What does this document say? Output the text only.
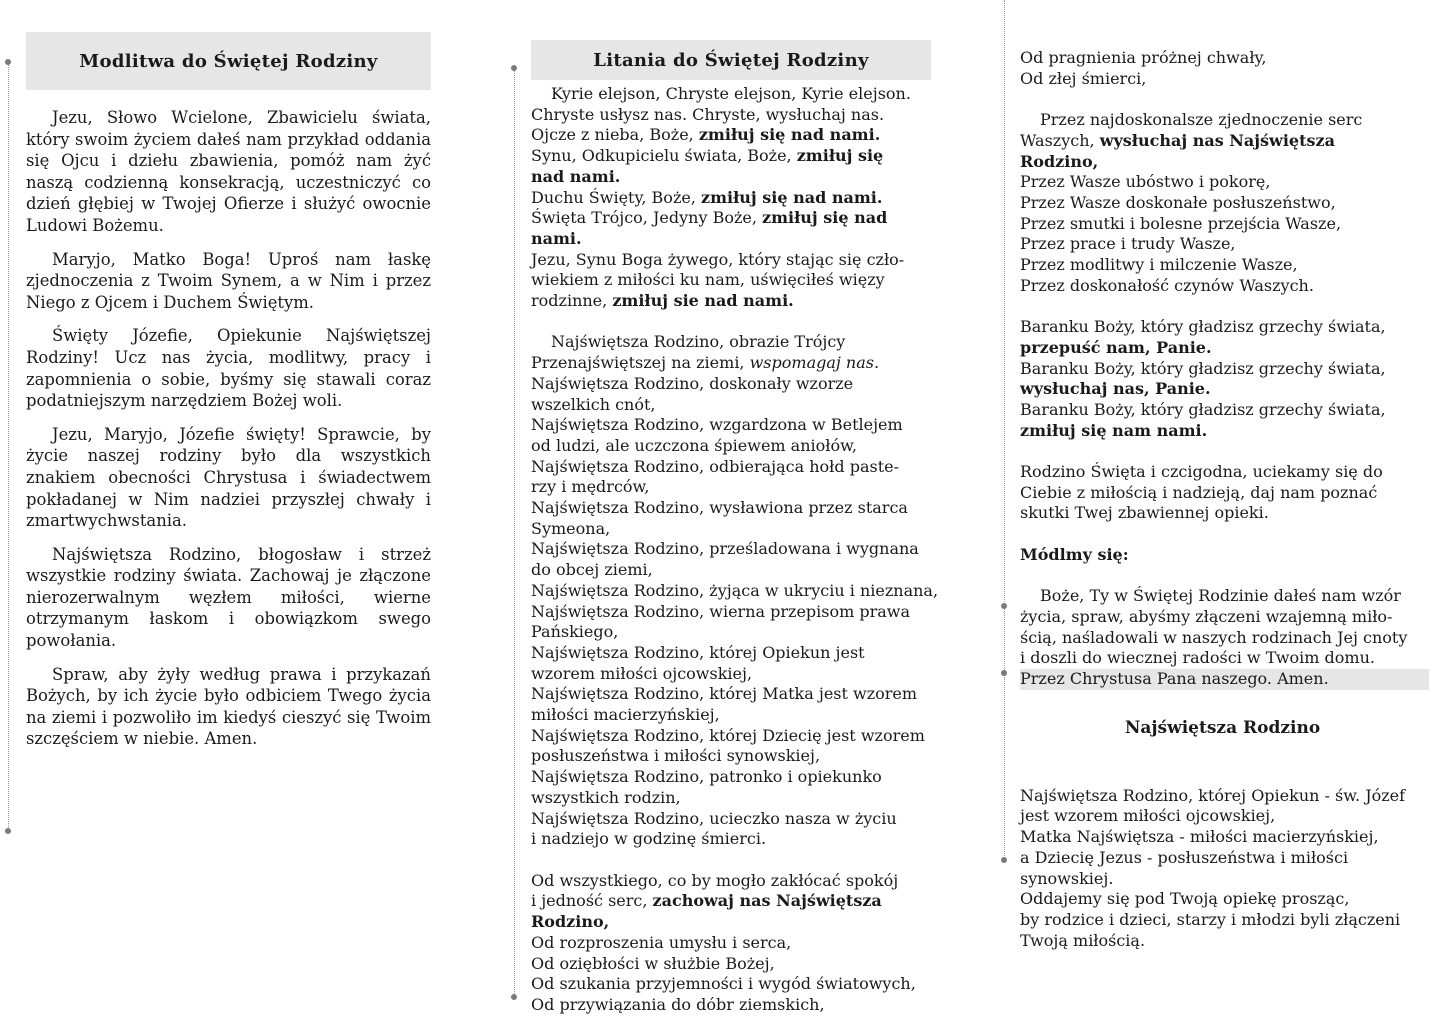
Modlitwa do Świętej Rodziny

Jezu, Słowo Wcielone, Zbawicielu świata, który swoim życiem dałeś nam przykład oddania się Ojcu i dziełu zbawienia, pomóż nam żyć naszą codzienną konsekracją, uczestniczyć co dzień głębiej w Twojej Ofierze i służyć owocnie Ludowi Bożemu.

Maryjo, Matko Boga! Uproś nam łaskę zjednoczenia z Twoim Synem, a w Nim i przez Niego z Ojcem i Duchem Świętym.

Święty Józefie, Opiekunie Najświętszej Rodziny! Ucz nas życia, modlitwy, pracy i zapomnienia o sobie, byśmy się stawali coraz podatniejszym narzędziem Bożej woli.

Jezu, Maryjo, Józefie święty! Sprawcie, by życie naszej rodziny było dla wszystkich znakiem obecności Chrystusa i świadectwem pokładanej w Nim nadziei przyszłej chwały i zmartwychwstania.

Najświętsza Rodzino, błogosław i strzeż wszystkie rodziny świata. Zachowaj je złączone nierozerwalnym węzłem miłości, wierne otrzymanym łaskom i obowiązkom swego powołania.

Spraw, aby żyły według prawa i przykazań Bożych, by ich życie było odbiciem Twego życia na ziemi i pozwoliło im kiedyś cieszyć się Twoim szczęściem w niebie. Amen.

Litania do Świętej Rodziny
Kyrie elejson, Chryste elejson, Kyrie elejson.
Chryste usłysz nas. Chryste, wysłuchaj nas.
Ojcze z nieba, Boże, zmiłuj się nad nami.
Synu, Odkupicielu świata, Boże, zmiłuj się
nad nami.
Duchu Święty, Boże, zmiłuj się nad nami.
Święta Trójco, Jedyny Boże, zmiłuj się nad
nami.
Jezu, Synu Boga żywego, który stając się czło-
wiekiem z miłości ku nam, uświęciłeś więzy
rodzinne, zmiłuj sie nad nami.
Najświętsza Rodzino, obrazie Trójcy
Przenajświętszej na ziemi, wspomagaj nas.
Najświętsza Rodzino, doskonały wzorze
wszelkich cnót,
Najświętsza Rodzino, wzgardzona w Betlejem
od ludzi, ale uczczona śpiewem aniołów,
Najświętsza Rodzino, odbierająca hołd paste-
rzy i mędrców,
Najświętsza Rodzino, wysławiona przez starca
Symeona,
Najświętsza Rodzino, prześladowana i wygnana
do obcej ziemi,
Najświętsza Rodzino, żyjąca w ukryciu i nieznana,
Najświętsza Rodzino, wierna przepisom prawa
Pańskiego,
Najświętsza Rodzino, której Opiekun jest
wzorem miłości ojcowskiej,
Najświętsza Rodzino, której Matka jest wzorem
miłości macierzyńskiej,
Najświętsza Rodzino, której Dziecię jest wzorem
posłuszeństwa i miłości synowskiej,
Najświętsza Rodzino, patronko i opiekunko
wszystkich rodzin,
Najświętsza Rodzino, ucieczko nasza w życiu
i nadziejo w godzinę śmierci.
Od wszystkiego, co by mogło zakłócać spokój
i jedność serc, zachowaj nas Najświętsza
Rodzino,
Od rozproszenia umysłu i serca,
Od oziębłości w służbie Bożej,
Od szukania przyjemności i wygód światowych,
Od przywiązania do dóbr ziemskich,
Od pragnienia próżnej chwały,
Od złej śmierci,
Przez najdoskonalsze zjednoczenie serc
Waszych, wysłuchaj nas Najświętsza
Rodzino,
Przez Wasze ubóstwo i pokorę,
Przez Wasze doskonałe posłuszeństwo,
Przez smutki i bolesne przejścia Wasze,
Przez prace i trudy Wasze,
Przez modlitwy i milczenie Wasze,
Przez doskonałość czynów Waszych.
Baranku Boży, który gładzisz grzechy świata,
przepuść nam, Panie.
Baranku Boży, który gładzisz grzechy świata,
wysłuchaj nas, Panie.
Baranku Boży, który gładzisz grzechy świata,
zmiłuj się nam nami.
Rodzino Święta i czcigodna, uciekamy się do
Ciebie z miłością i nadzieją, daj nam poznać
skutki Twej zbawiennej opieki.
Módlmy się:
Boże, Ty w Świętej Rodzinie dałeś nam wzór
życia, spraw, abyśmy złączeni wzajemną miło-
ścią, naśladowali w naszych rodzinach Jej cnoty
i doszli do wiecznej radości w Twoim domu.
Przez Chrystusa Pana naszego. Amen.
Najświętsza Rodzino
Najświętsza Rodzino, której Opiekun - św. Józef
jest wzorem miłości ojcowskiej,
Matka Najświętsza - miłości macierzyńskiej,
a Dziecię Jezus - posłuszeństwa i miłości
synowskiej.
Oddajemy się pod Twoją opiekę prosząc,
by rodzice i dzieci, starzy i młodzi byli złączeni
Twoją miłością.
